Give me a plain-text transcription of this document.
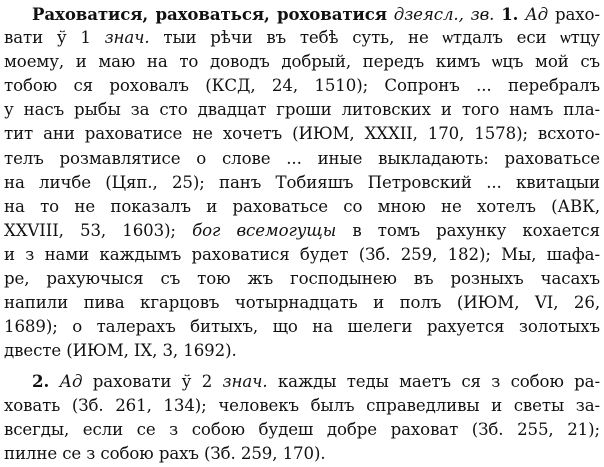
Раховатися, рахoваться, роховатися дзеясл., зв. 1. Ад рахо-
вати ў 1 знач. тыи рѣчи въ тебѣ суть, не ѡтдалъ еси ѡтцу
моему, и маю на то доводъ добрый, передъ кимъ ѡцъ мой съ
тобою ся роховалъ (КСД, 24, 1510); Сопронъ ... перебралъ
у насъ рыбы за сто двадцат гроши литовских и того намъ пла-
тит ани раховатисе не хочетъ (ИЮМ, XXXII, 170, 1578); всхото-
телъ розмавлятисе о слове ... иные выкладають: раховатьсе
на личбе (Цяп., 25); панъ Тобияшъ Петровский ... квитацыи
на то не показалъ и раховатьсе со мною не хотелъ (АВК,
XXVIII, 53, 1603); бог всемогущы в томъ рахунку кохается
и з нами каждымъ раховатися будет (Зб. 259, 182); Мы, шафа-
ре, рахуючыся съ тою жъ господынею въ розныхъ часахъ
напили пива кгарцовъ чотырнадцать и полъ (ИЮМ, VI, 26,
1689); о талерахъ битыхъ, що на шелеги рахуется золотыхъ
двесте (ИЮМ, IX, 3, 1692).
2. Ад раховати ў 2 знач. кажды теды маетъ ся з собою ра-
ховать (Зб. 261, 134); человекъ былъ справедливы и светы за-
всегды, если се з собою будеш добре раховат (Зб. 255, 21);
пилне се з собою рахъ (Зб. 259, 170).
